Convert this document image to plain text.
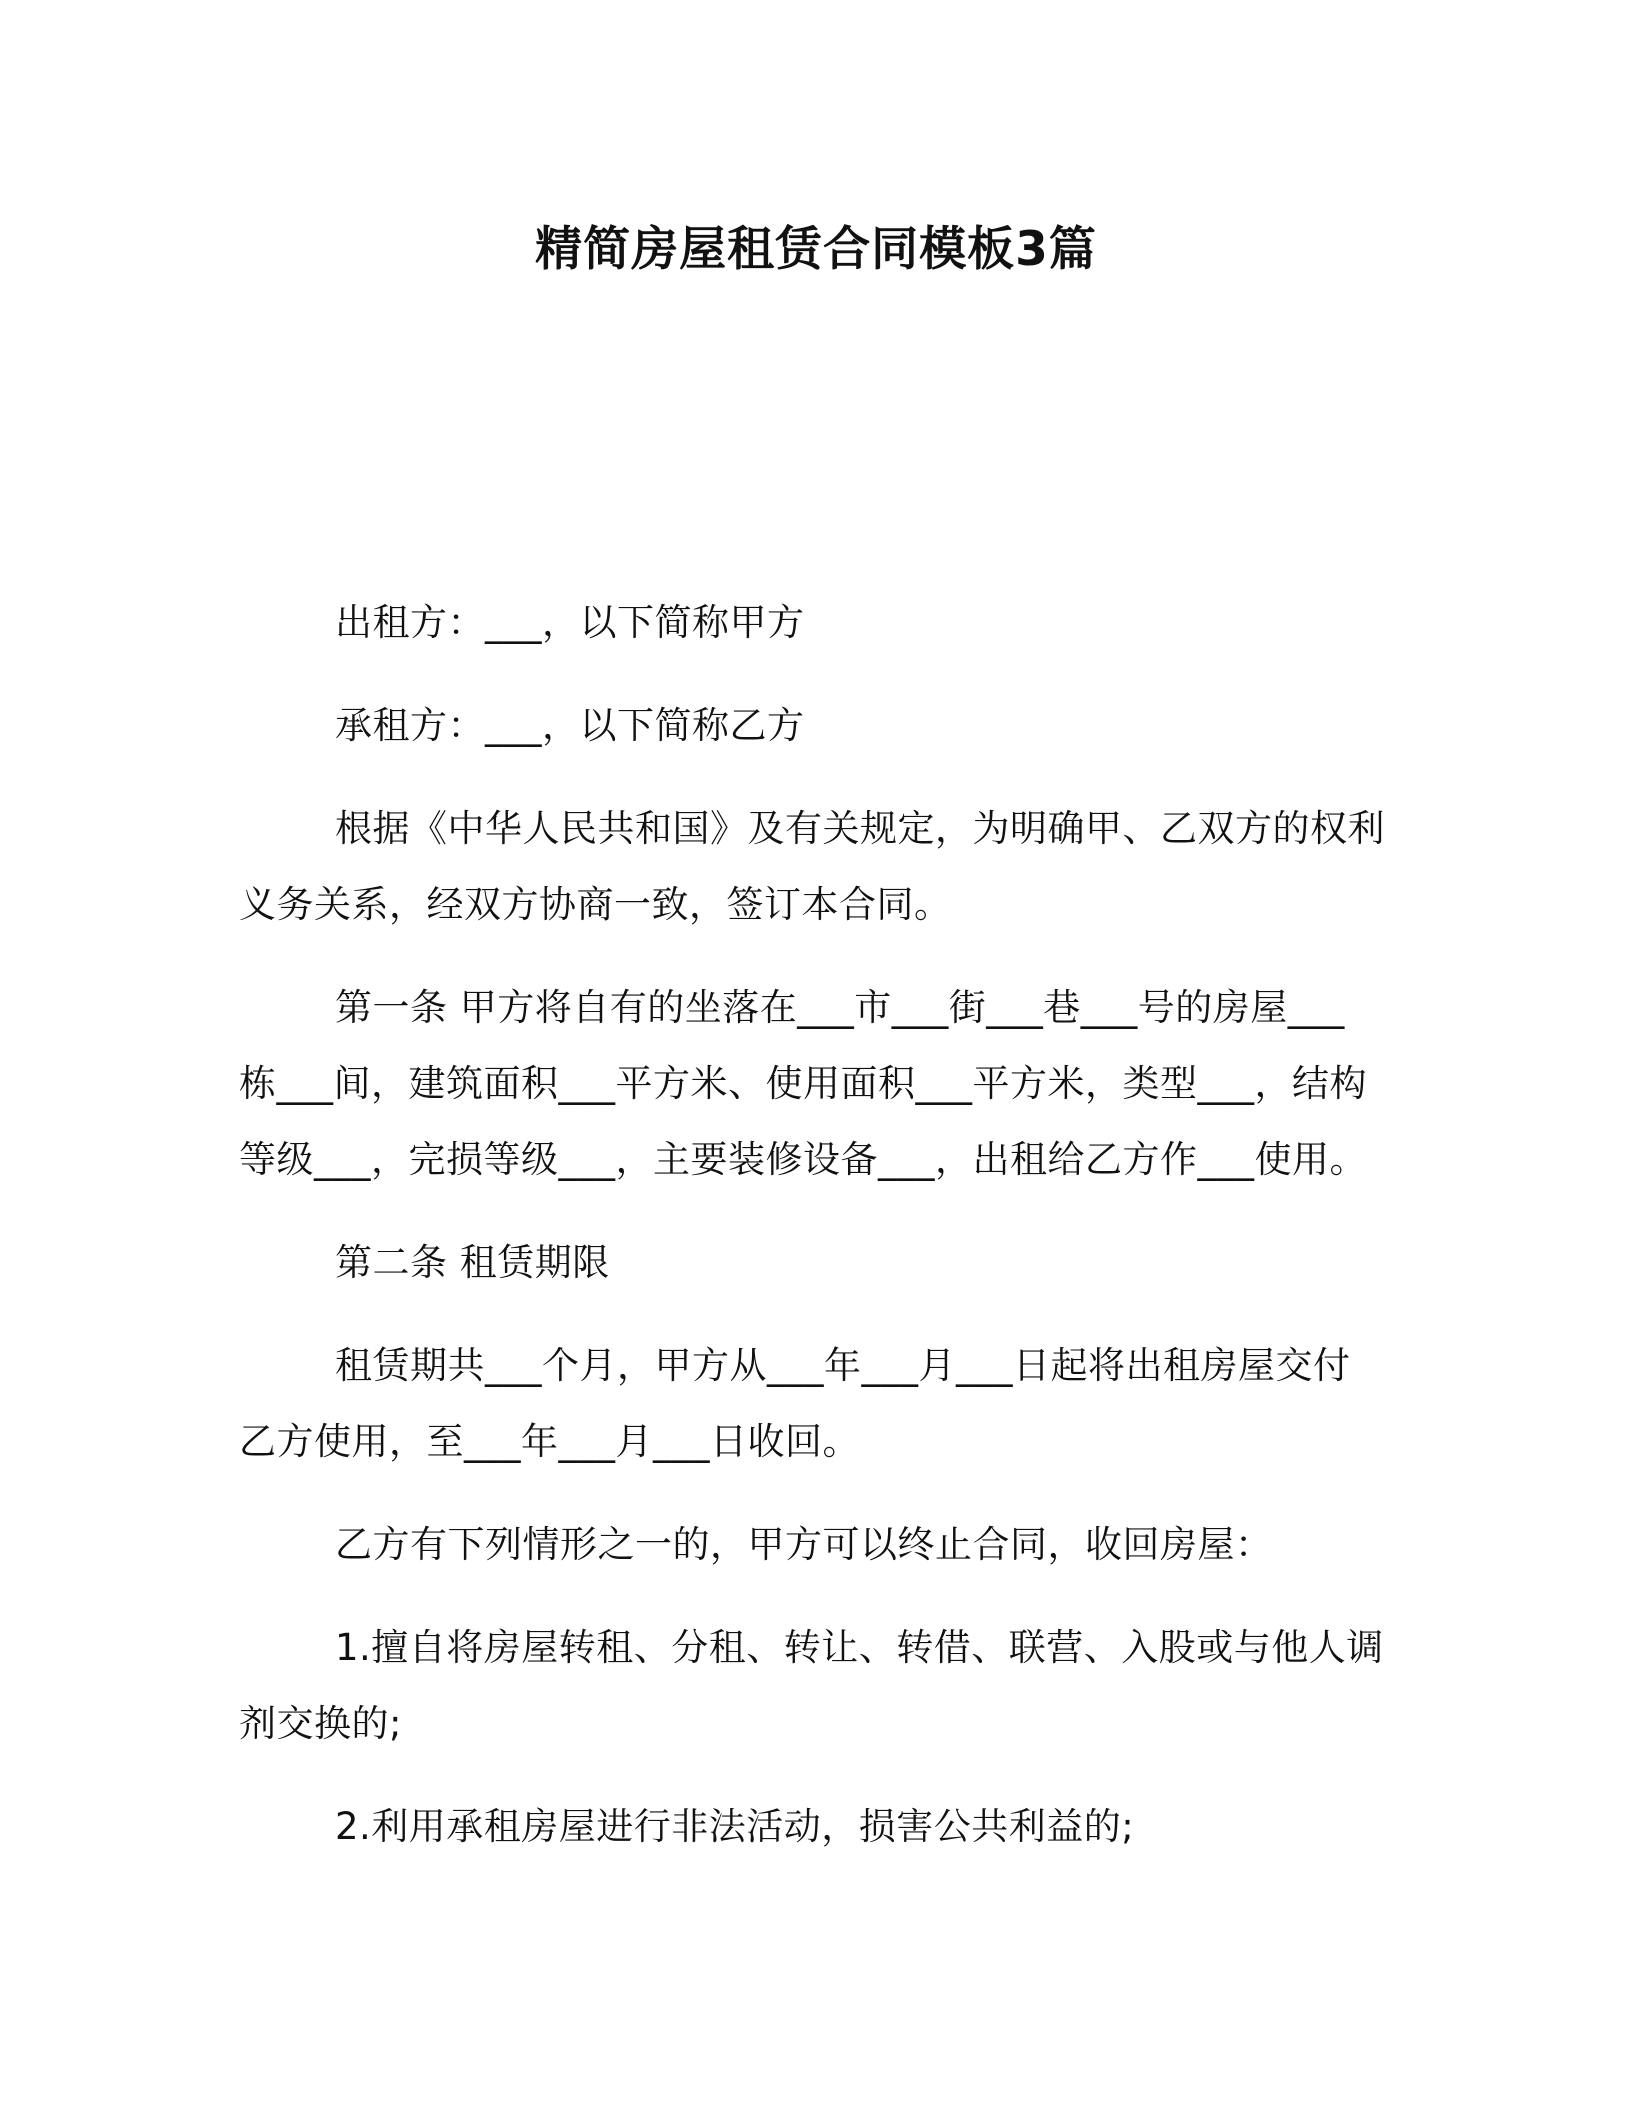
精简房屋租赁合同模板3篇

出租方：___，以下简称甲方

承租方：___，以下简称乙方

根据《中华人民共和国》及有关规定，为明确甲、乙双方的权利
义务关系，经双方协商一致，签订本合同。
第一条 甲方将自有的坐落在___市___街___巷___号的房屋___
栋___间，建筑面积___平方米、使用面积___平方米，类型___，结构
等级___，完损等级___，主要装修设备___，出租给乙方作___使用。

第二条 租赁期限

租赁期共___个月，甲方从___年___月___日起将出租房屋交付
乙方使用，至___年___月___日收回。

乙方有下列情形之一的，甲方可以终止合同，收回房屋：

1.擅自将房屋转租、分租、转让、转借、联营、入股或与他人调
剂交换的;

2.利用承租房屋进行非法活动，损害公共利益的;
